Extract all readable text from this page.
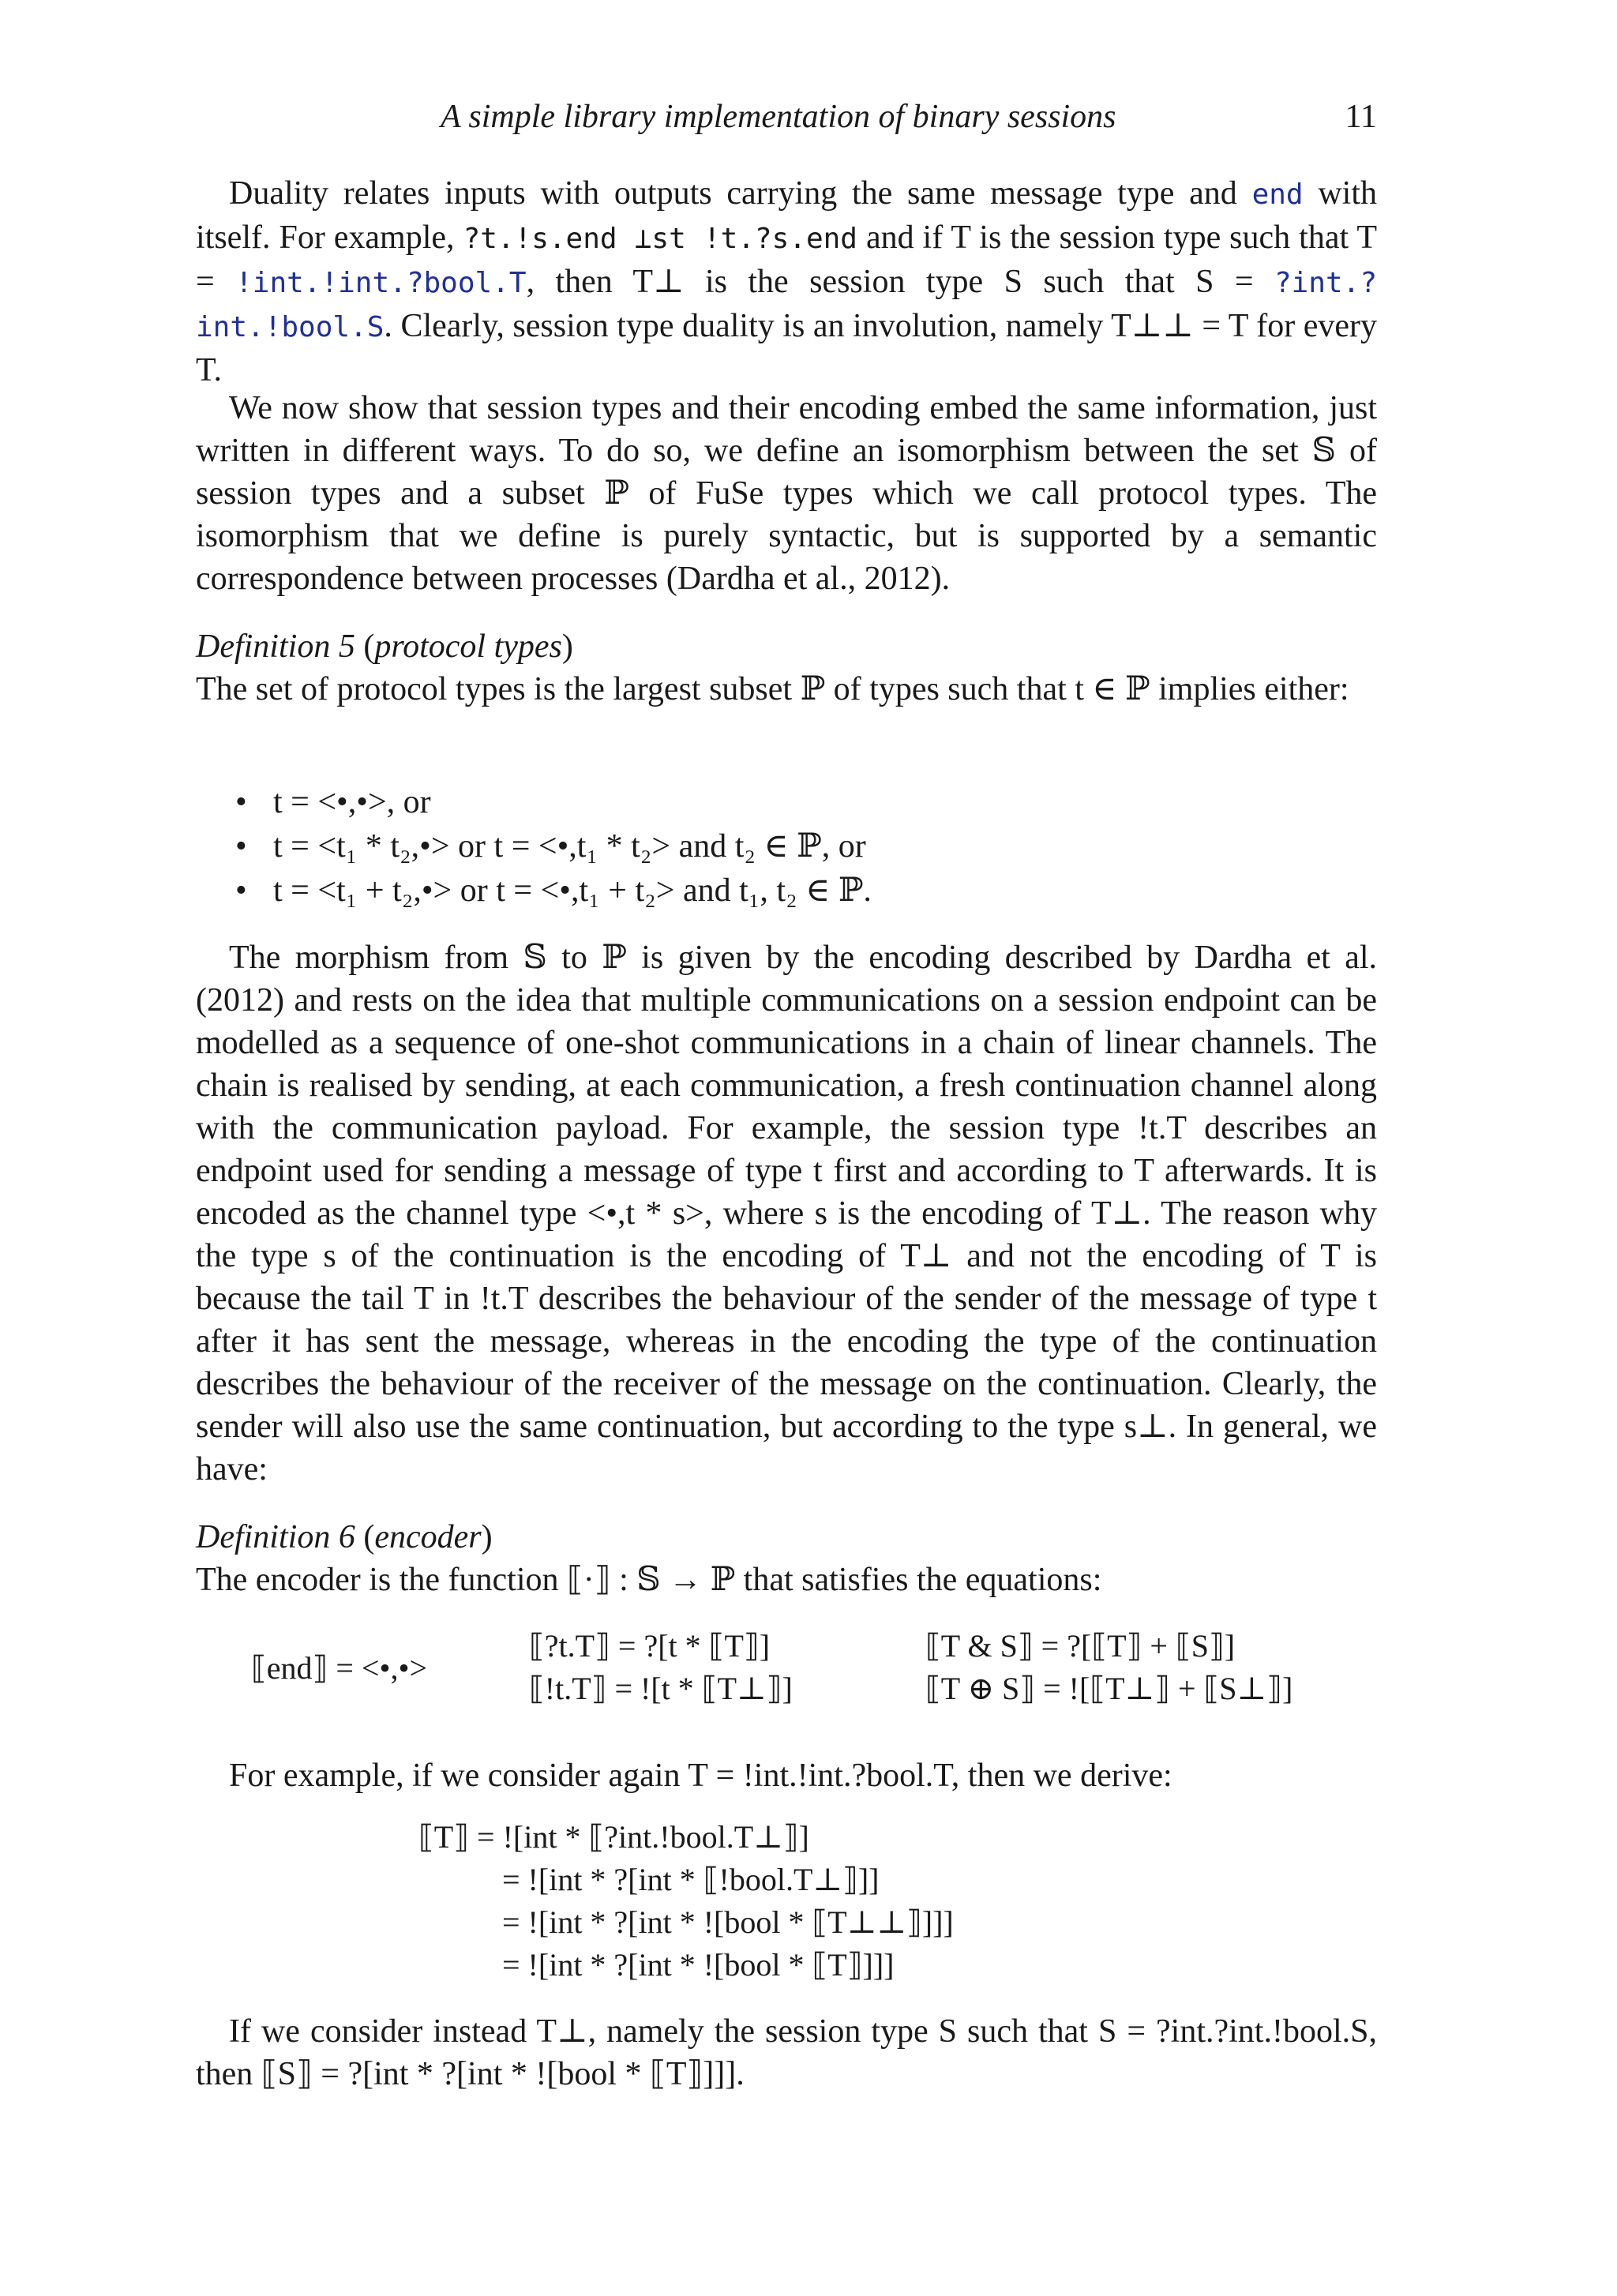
A simple library implementation of binary sessions	11
Duality relates inputs with outputs carrying the same message type and end with itself. For example, ?t.!s.end ⊥st !t.?s.end and if T is the session type such that T = !int.!int.?bool.T, then T⊥ is the session type S such that S = ?int.?int.!bool.S. Clearly, session type duality is an involution, namely T⊥⊥ = T for every T.
We now show that session types and their encoding embed the same information, just written in different ways. To do so, we define an isomorphism between the set 𝕊 of session types and a subset ℙ of FuSe types which we call protocol types. The isomorphism that we define is purely syntactic, but is supported by a semantic correspondence between processes (Dardha et al., 2012).
Definition 5 (protocol types)
The set of protocol types is the largest subset ℙ of types such that t ∈ ℙ implies either:
• t = <•,•>, or
• t = <t₁ * t₂,•> or t = <•,t₁ * t₂> and t₂ ∈ ℙ, or
• t = <t₁ + t₂,•> or t = <•,t₁ + t₂> and t₁, t₂ ∈ ℙ.
The morphism from 𝕊 to ℙ is given by the encoding described by Dardha et al. (2012) and rests on the idea that multiple communications on a session endpoint can be modelled as a sequence of one-shot communications in a chain of linear channels. The chain is realised by sending, at each communication, a fresh continuation channel along with the communication payload. For example, the session type !t.T describes an endpoint used for sending a message of type t first and according to T afterwards. It is encoded as the channel type <•,t * s>, where s is the encoding of T⊥. The reason why the type s of the continuation is the encoding of T⊥ and not the encoding of T is because the tail T in !t.T describes the behaviour of the sender of the message of type t after it has sent the message, whereas in the encoding the type of the continuation describes the behaviour of the receiver of the message on the continuation. Clearly, the sender will also use the same continuation, but according to the type s⊥. In general, we have:
Definition 6 (encoder)
The encoder is the function ⟦·⟧ : 𝕊 → ℙ that satisfies the equations:
⟦end⟧ = <•,•>
⟦?t.T⟧ = ?[t * ⟦T⟧]
⟦!t.T⟧ = ![t * ⟦T⊥⟧]
⟦T & S⟧ = ?[⟦T⟧ + ⟦S⟧]
⟦T ⊕ S⟧ = ![⟦T⊥⟧ + ⟦S⊥⟧]
For example, if we consider again T = !int.!int.?bool.T, then we derive:
⟦T⟧ = ![int * ⟦?int.!bool.T⊥⟧]
= ![int * ?[int * ⟦!bool.T⊥⟧]]
= ![int * ?[int * ![bool * ⟦T⊥⊥⟧]]]
= ![int * ?[int * ![bool * ⟦T⟧]]]
If we consider instead T⊥, namely the session type S such that S = ?int.?int.!bool.S, then ⟦S⟧ = ?[int * ?[int * ![bool * ⟦T⟧]]].
